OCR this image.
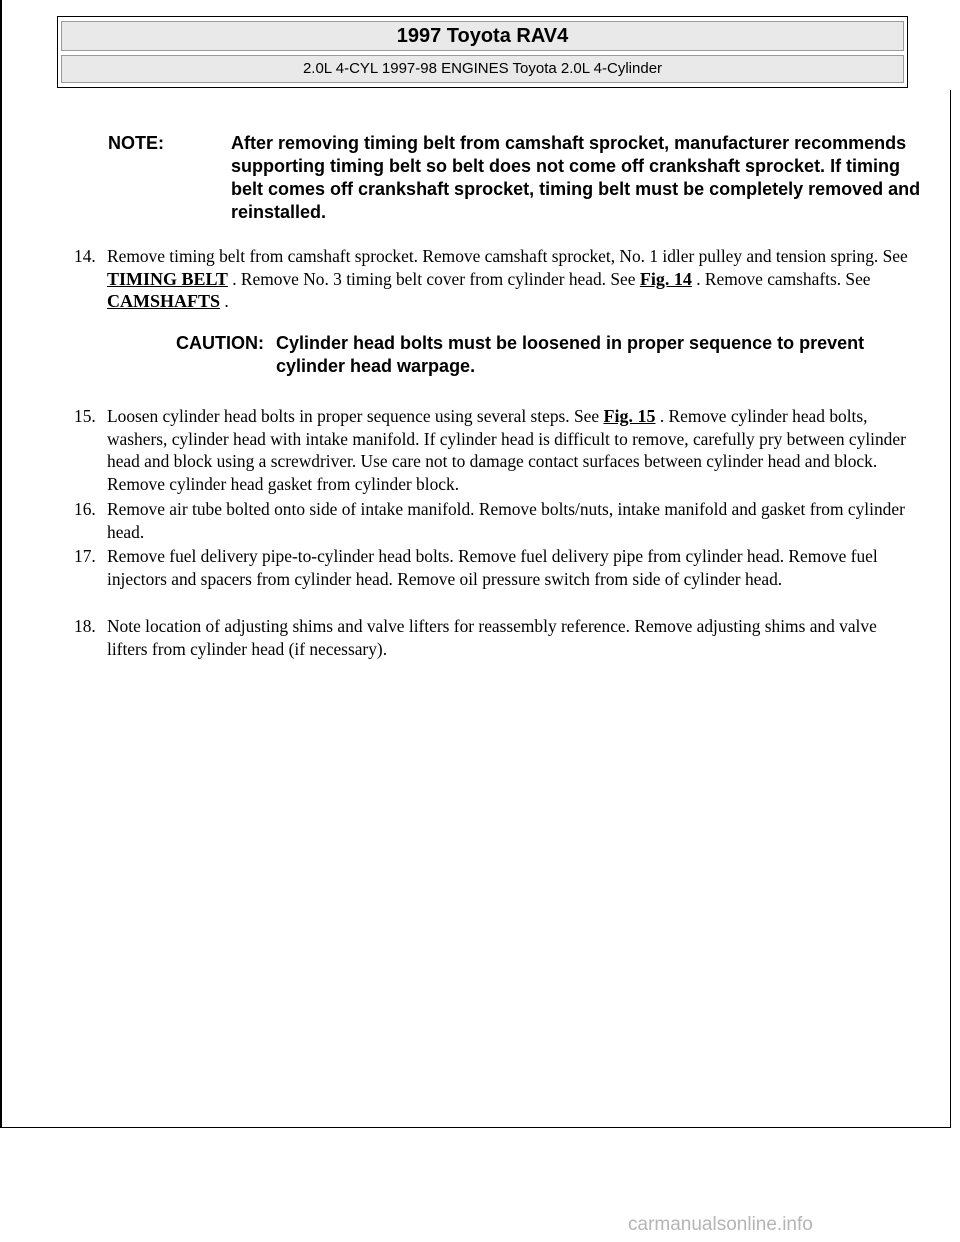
1997 Toyota RAV4
2.0L 4-CYL 1997-98 ENGINES Toyota 2.0L 4-Cylinder
NOTE:	After removing timing belt from camshaft sprocket, manufacturer recommends supporting timing belt so belt does not come off crankshaft sprocket. If timing belt comes off crankshaft sprocket, timing belt must be completely removed and reinstalled.
14. Remove timing belt from camshaft sprocket. Remove camshaft sprocket, No. 1 idler pulley and tension spring. See TIMING BELT . Remove No. 3 timing belt cover from cylinder head. See Fig. 14 . Remove camshafts. See CAMSHAFTS .
CAUTION: Cylinder head bolts must be loosened in proper sequence to prevent cylinder head warpage.
15. Loosen cylinder head bolts in proper sequence using several steps. See Fig. 15 . Remove cylinder head bolts, washers, cylinder head with intake manifold. If cylinder head is difficult to remove, carefully pry between cylinder head and block using a screwdriver. Use care not to damage contact surfaces between cylinder head and block. Remove cylinder head gasket from cylinder block.
16. Remove air tube bolted onto side of intake manifold. Remove bolts/nuts, intake manifold and gasket from cylinder head.
17. Remove fuel delivery pipe-to-cylinder head bolts. Remove fuel delivery pipe from cylinder head. Remove fuel injectors and spacers from cylinder head. Remove oil pressure switch from side of cylinder head.
18. Note location of adjusting shims and valve lifters for reassembly reference. Remove adjusting shims and valve lifters from cylinder head (if necessary).
carmanualsonline.info
